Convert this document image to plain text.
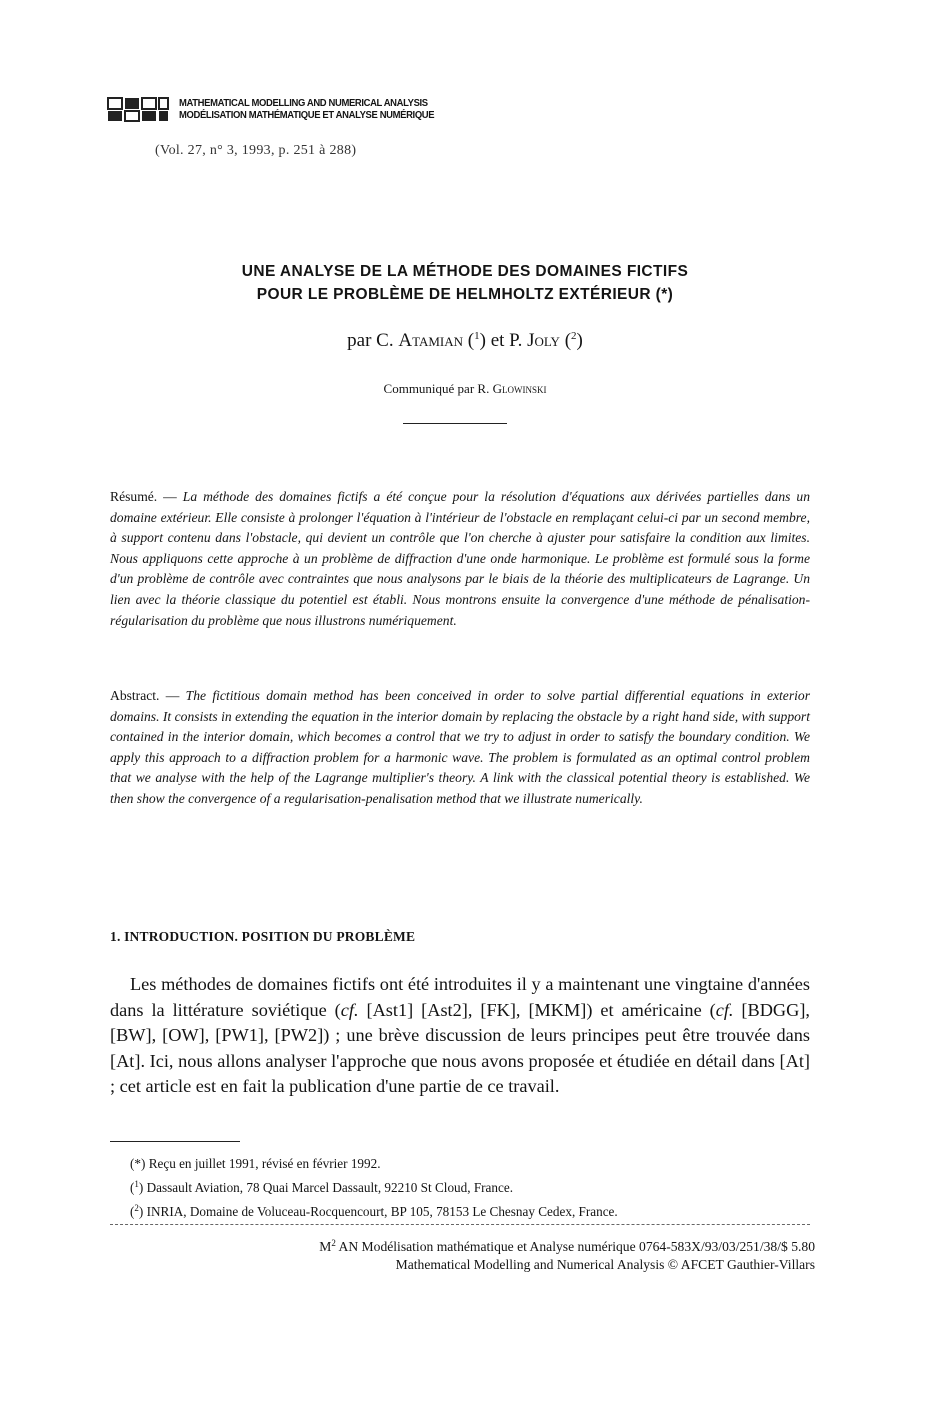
MATHEMATICAL MODELLING AND NUMERICAL ANALYSIS
MODÉLISATION MATHÉMATIQUE ET ANALYSE NUMÉRIQUE
(Vol. 27, n° 3, 1993, p. 251 à 288)
UNE ANALYSE DE LA MÉTHODE DES DOMAINES FICTIFS
POUR LE PROBLÈME DE HELMHOLTZ EXTÉRIEUR (*)
par C. Atamian ($^1$) et P. Joly ($^2$)
Communiqué par R. Glowinski
Résumé. — La méthode des domaines fictifs a été conçue pour la résolution d'équations aux dérivées partielles dans un domaine extérieur. Elle consiste à prolonger l'équation à l'intérieur de l'obstacle en remplaçant celui-ci par un second membre, à support contenu dans l'obstacle, qui devient un contrôle que l'on cherche à ajuster pour satisfaire la condition aux limites. Nous appliquons cette approche à un problème de diffraction d'une onde harmonique. Le problème est formulé sous la forme d'un problème de contrôle avec contraintes que nous analysons par le biais de la théorie des multiplicateurs de Lagrange. Un lien avec la théorie classique du potentiel est établi. Nous montrons ensuite la convergence d'une méthode de pénalisation-régularisation du problème que nous illustrons numériquement.
Abstract. — The fictitious domain method has been conceived in order to solve partial differential equations in exterior domains. It consists in extending the equation in the interior domain by replacing the obstacle by a right hand side, with support contained in the interior domain, which becomes a control that we try to adjust in order to satisfy the boundary condition. We apply this approach to a diffraction problem for a harmonic wave. The problem is formulated as an optimal control problem that we analyse with the help of the Lagrange multiplier's theory. A link with the classical potential theory is established. We then show the convergence of a regularisation-penalisation method that we illustrate numerically.
1. INTRODUCTION. POSITION DU PROBLÈME
Les méthodes de domaines fictifs ont été introduites il y a maintenant une vingtaine d'années dans la littérature soviétique (cf. [Ast1] [Ast2], [FK], [MKM]) et américaine (cf. [BDGG], [BW], [OW], [PW1], [PW2]) ; une brève discussion de leurs principes peut être trouvée dans [At]. Ici, nous allons analyser l'approche que nous avons proposée et étudiée en détail dans [At] ; cet article est en fait la publication d'une partie de ce travail.
(*) Reçu en juillet 1991, révisé en février 1992.
($^1$) Dassault Aviation, 78 Quai Marcel Dassault, 92210 St Cloud, France.
($^2$) INRIA, Domaine de Voluceau-Rocquencourt, BP 105, 78153 Le Chesnay Cedex, France.
$M^2$ AN Modélisation mathématique et Analyse numérique 0764-583X/93/03/251/38/$ 5.80
Mathematical Modelling and Numerical Analysis © AFCET Gauthier-Villars
